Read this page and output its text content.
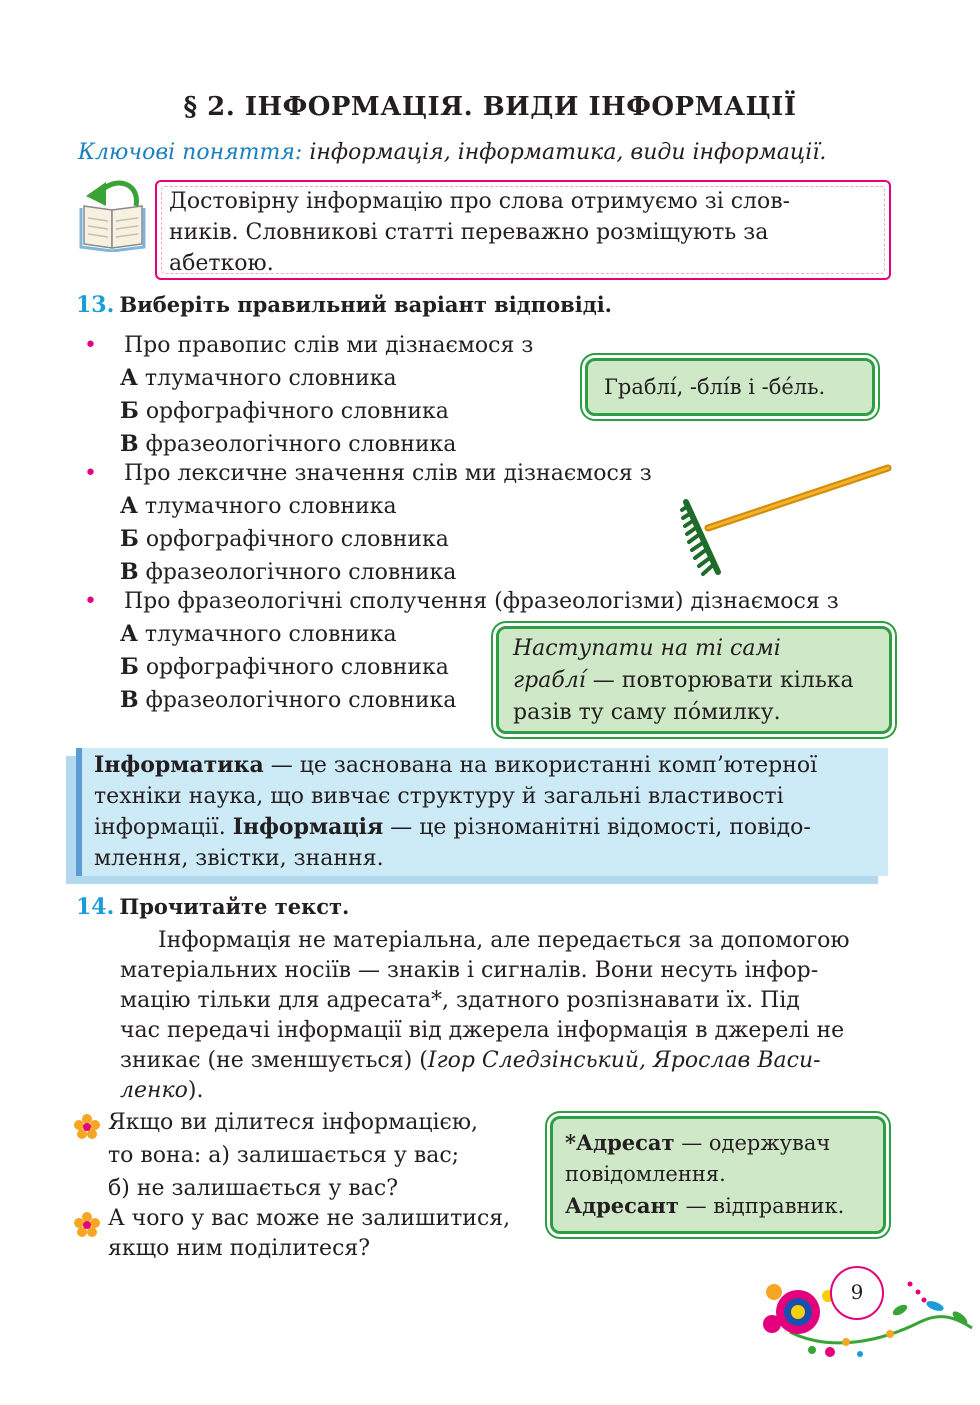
§ 2. ІНФОРМАЦІЯ. ВИДИ ІНФОРМАЦІЇ
Ключові поняття: інформація, інформатика, види інформації.
Достовірну інформацію про слова отримуємо зі слов-
ників. Словникові статті переважно розміщують за
абеткою.
13. Виберіть правильний варіант відповіді.
• Про правопис слів ми дізнаємося з
А тлумачного словника
Б орфографічного словника
В фразеологічного словника
• Про лексичне значення слів ми дізнаємося з
А тлумачного словника
Б орфографічного словника
В фразеологічного словника
• Про фразеологічні сполучення (фразеологізми) дізнаємося з
А тлумачного словника
Б орфографічного словника
В фразеологічного словника
Граблі́, -блі́в і -бе́ль.
Наступати на ті самі
граблі́ — повторювати кілька
разів ту саму по́милку.
Інформатика — це заснована на використанні комп’ютерної
техніки наука, що вивчає структуру й загальні властивості
інформації. Інформація — це різноманітні відомості, повідо-
млення, звістки, знання.
14. Прочитайте текст.
Інформація не матеріальна, але передається за допомогою
матеріальних носіїв — знаків і сигналів. Вони несуть інфор-
мацію тільки для адресата*, здатного розпізнавати їх. Під
час передачі інформації від джерела інформація в джерелі не
зникає (не зменшується) (Ігор Следзінський, Ярослав Васи-
ленко).
Якщо ви ділитеся інформацією,
то вона: а) залишається у вас;
б) не залишається у вас?
А чого у вас може не залишитися,
якщо ним поділитеся?
*Адресат — одержувач
повідомлення.
Адресант — відправник.
9
